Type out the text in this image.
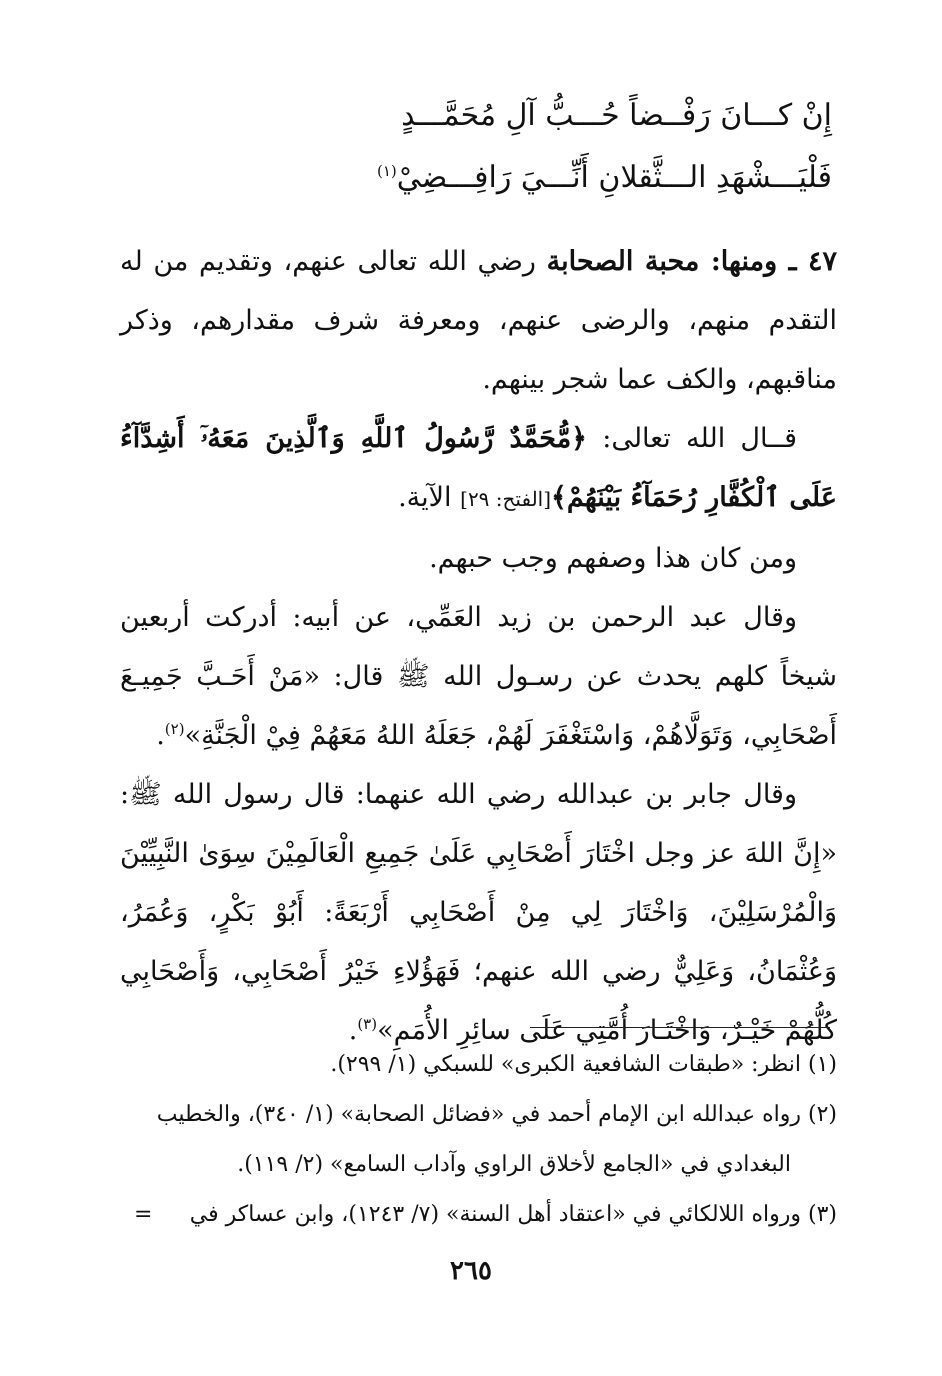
إِنْ كـــانَ رَفْــضاً حُـــبُّ آلِ مُحَمَّـــدٍ
فَلْيَـــشْهَدِ الـــثَّقلانِ أَنِّـــيَ رَافِـــضِيْ$^{(١)}$

٤٧ ـ ومنها: محبة الصحابة رضي الله تعالى عنهم، وتقديم من له التقدم منهم، والرضى عنهم، ومعرفة شرف مقدارهم، وذكر مناقبهم، والكف عما شجر بينهم.

قــال الله تعالى: ﴿مُّحَمَّدٌ رَّسُولُ ٱللَّهِ وَٱلَّذِينَ مَعَهُۥٓ أَشِدَّآءُ عَلَى ٱلْكُفَّارِ رُحَمَآءُ بَيْنَهُمْ﴾[الفتح: ٢٩] الآية.

ومن كان هذا وصفهم وجب حبهم.

وقال عبد الرحمن بن زيد العَمِّي، عن أبيه: أدركت أربعين شيخاً كلهم يحدث عن رسـول الله ﷺ قال: «مَنْ أَحَـبَّ جَمِيـعَ أَصْحَابِي، وَتَوَلَّاهُمْ، وَاسْتَغْفَرَ لَهُمْ، جَعَلَهُ اللهُ مَعَهُمْ فِيْ الْجَنَّةِ»$^{(٢)}$.

وقال جابر بن عبدالله رضي الله عنهما: قال رسول الله ﷺ: «إِنَّ اللهَ عز وجل اخْتَارَ أَصْحَابِي عَلَىٰ جَمِيعِ الْعَالَمِيْنَ سِوَىٰ النَّبِيِّيْنَ وَالْمُرْسَلِيْنَ، وَاخْتَارَ لِي مِنْ أَصْحَابِي أَرْبَعَةً: أَبُوْ بَكْرٍ، وَعُمَرُ، وَعُثْمَانُ، وَعَلِيٌّ رضي الله عنهم؛ فَهَؤُلاءِ خَيْرُ أَصْحَابِي، وَأَصْحَابِي كُلُّهُمْ خَيْـرٌ، وَاخْتَـارَ أُمَّتِي عَلَى سائِرِ الأُمَمِ»$^{(٣)}$.

(١) انظر: «طبقات الشافعية الكبرى» للسبكي (١/ ٢٩٩).

(٢) رواه عبدالله ابن الإمام أحمد في «فضائل الصحابة» (١/ ٣٤٠)، والخطيب

البغدادي في «الجامع لأخلاق الراوي وآداب السامع» (٢/ ١١٩).

(٣) ورواه اللالكائي في «اعتقاد أهل السنة» (٧/ ١٢٤٣)، وابن عساكر في
=

٢٦٥
